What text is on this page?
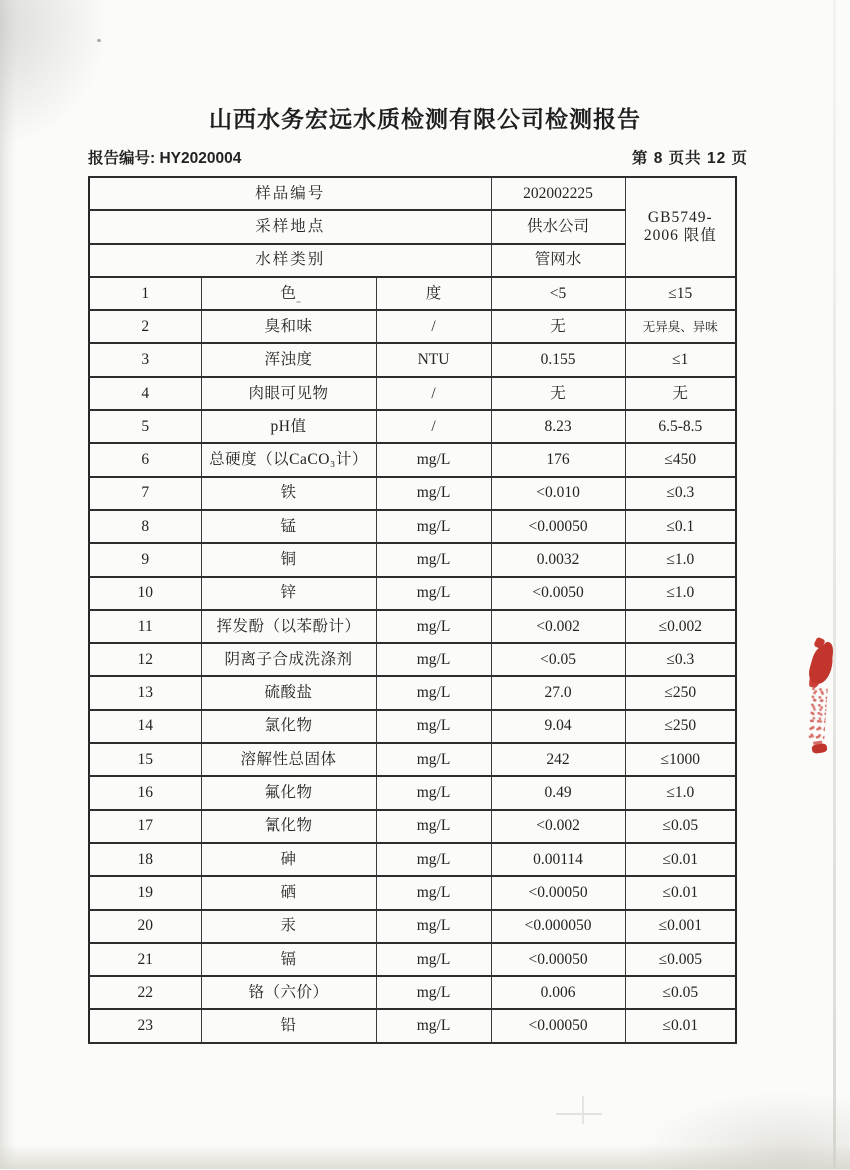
山西水务宏远水质检测有限公司检测报告
报告编号: HY2020004	第 8 页共 12 页
样品编号			202002225	GB5749-
2006 限值
采样地点			供水公司	
水样类别			管网水	
1	色	度	<5	≤15
2	臭和味	/	无	无异臭、异味
3	浑浊度	NTU	0.155	≤1
4	肉眼可见物	/	无	无
5	pH值	/	8.23	6.5-8.5
6	总硬度（以CaCO₃计）	mg/L	176	≤450
7	铁	mg/L	<0.010	≤0.3
8	锰	mg/L	<0.00050	≤0.1
9	铜	mg/L	0.0032	≤1.0
10	锌	mg/L	<0.0050	≤1.0
11	挥发酚（以苯酚计）	mg/L	<0.002	≤0.002
12	阴离子合成洗涤剂	mg/L	<0.05	≤0.3
13	硫酸盐	mg/L	27.0	≤250
14	氯化物	mg/L	9.04	≤250
15	溶解性总固体	mg/L	242	≤1000
16	氟化物	mg/L	0.49	≤1.0
17	氰化物	mg/L	<0.002	≤0.05
18	砷	mg/L	0.00114	≤0.01
19	硒	mg/L	<0.00050	≤0.01
20	汞	mg/L	<0.000050	≤0.001
21	镉	mg/L	<0.00050	≤0.005
22	铬（六价）	mg/L	0.006	≤0.05
23	铅	mg/L	<0.00050	≤0.01
